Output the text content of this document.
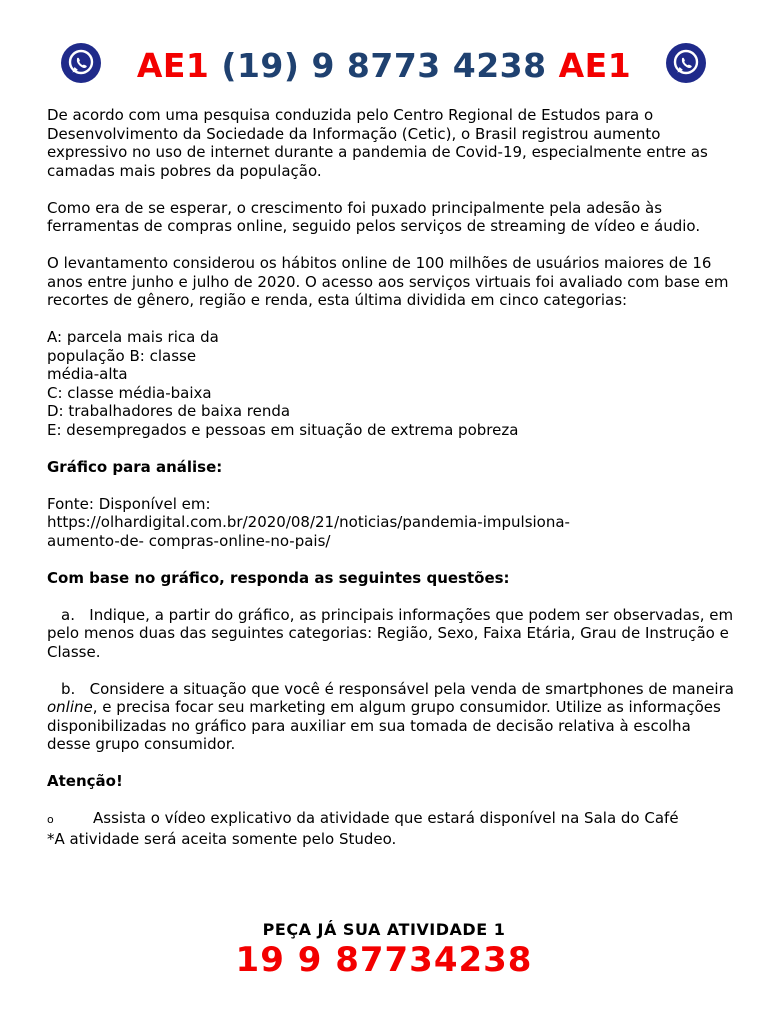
AE1 (19) 9 8773 4238 AE1

De acordo com uma pesquisa conduzida pelo Centro Regional de Estudos para o Desenvolvimento da Sociedade da Informação (Cetic), o Brasil registrou aumento expressivo no uso de internet durante a pandemia de Covid-19, especialmente entre as camadas mais pobres da população.

Como era de se esperar, o crescimento foi puxado principalmente pela adesão às ferramentas de compras online, seguido pelos serviços de streaming de vídeo e áudio.

O levantamento considerou os hábitos online de 100 milhões de usuários maiores de 16 anos entre junho e julho de 2020. O acesso aos serviços virtuais foi avaliado com base em recortes de gênero, região e renda, esta última dividida em cinco categorias:

A: parcela mais rica da
população B: classe
média-alta
C: classe média-baixa
D: trabalhadores de baixa renda
E: desempregados e pessoas em situação de extrema pobreza

Gráfico para análise:

Fonte: Disponível em:
https://olhardigital.com.br/2020/08/21/noticias/pandemia-impulsiona-
aumento-de- compras-online-no-pais/

Com base no gráfico, responda as seguintes questões:

a. Indique, a partir do gráfico, as principais informações que podem ser observadas, em pelo menos duas das seguintes categorias: Região, Sexo, Faixa Etária, Grau de Instrução e Classe.

b. Considere a situação que você é responsável pela venda de smartphones de maneira online, e precisa focar seu marketing em algum grupo consumidor. Utilize as informações disponibilizadas no gráfico para auxiliar em sua tomada de decisão relativa à escolha desse grupo consumidor.

Atenção!

o	Assista o vídeo explicativo da atividade que estará disponível na Sala do Café
*A atividade será aceita somente pelo Studeo.

PEÇA JÁ SUA ATIVIDADE 1
19 9 87734238
